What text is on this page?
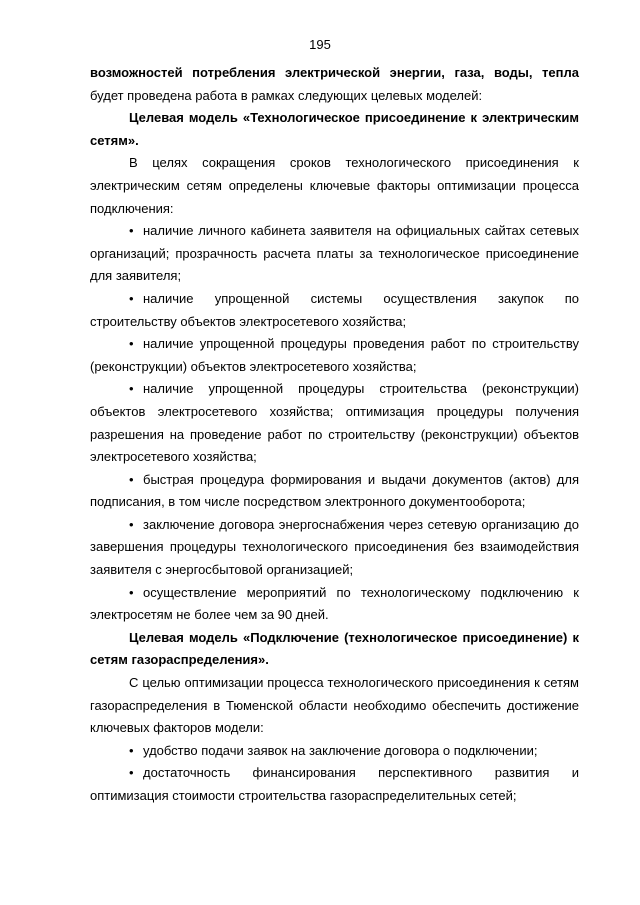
195

возможностей потребления электрической энергии, газа, воды, тепла будет проведена работа в рамках следующих целевых моделей:

Целевая модель «Технологическое присоединение к электрическим сетям».

В целях сокращения сроков технологического присоединения к электрическим сетям определены ключевые факторы оптимизации процесса подключения:

• наличие личного кабинета заявителя на официальных сайтах сетевых организаций; прозрачность расчета платы за технологическое присоединение для заявителя;

• наличие упрощенной системы осуществления закупок по строительству объектов электросетевого хозяйства;

• наличие упрощенной процедуры проведения работ по строительству (реконструкции) объектов электросетевого хозяйства;

• наличие упрощенной процедуры строительства (реконструкции) объектов электросетевого хозяйства; оптимизация процедуры получения разрешения на проведение работ по строительству (реконструкции) объектов электросетевого хозяйства;

• быстрая процедура формирования и выдачи документов (актов) для подписания, в том числе посредством электронного документооборота;

• заключение договора энергоснабжения через сетевую организацию до завершения процедуры технологического присоединения без взаимодействия заявителя с энергосбытовой организацией;

• осуществление мероприятий по технологическому подключению к электросетям не более чем за 90 дней.

Целевая модель «Подключение (технологическое присоединение) к сетям газораспределения».

С целью оптимизации процесса технологического присоединения к сетям газораспределения в Тюменской области необходимо обеспечить достижение ключевых факторов модели:

• удобство подачи заявок на заключение договора о подключении;

• достаточность финансирования перспективного развития и оптимизация стоимости строительства газораспределительных сетей;
